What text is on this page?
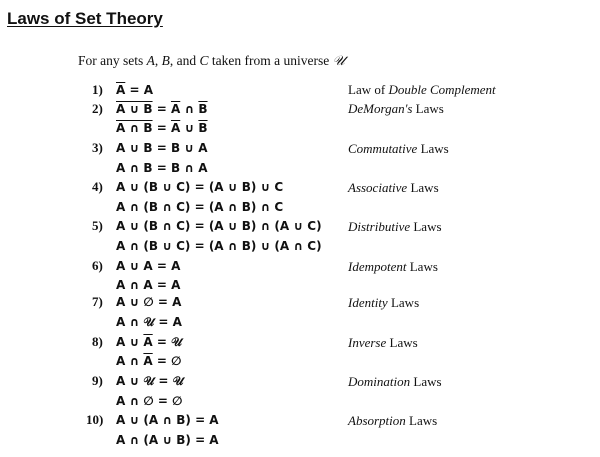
Laws of Set Theory
For any sets A, B, and C taken from a universe 𝒰
1) $\overline{A} = A$	Law of Double Complement
2) A ∪ $B = \overline{A}$ ∩ $\overline{B}$
A ∩ $B = \overline{A}$ ∪ $\overline{B}$
DeMorgan's Laws
3) A ∪ B = B ∪ A
A ∩ B = B ∩ A
Commutative Laws
4) A ∪ (B ∪ C) = (A ∪ B) ∪ C
A ∩ (B ∩ C) = (A ∩ B) ∩ C
Associative Laws
5) A ∪ (B ∩ C) = (A ∪ B) ∩ (A ∪ C)
A ∩ (B ∪ C) = (A ∩ B) ∪ (A ∩ C)
Distributive Laws
6) A ∪ A = A
A ∩ A = A
Idempotent Laws
7) A ∪ ∅ = A
A ∩ 𝒰 = A
Identity Laws
8) A ∪ $\overline{A}$ = 𝒰
A ∩ $\overline{A}$ = ∅
Inverse Laws
9) A ∪ 𝒰 = 𝒰
A ∩ ∅ = ∅
Domination Laws
10) A ∪ (A ∩ B) = A
A ∩ (A ∪ B) = A
Absorption Laws
